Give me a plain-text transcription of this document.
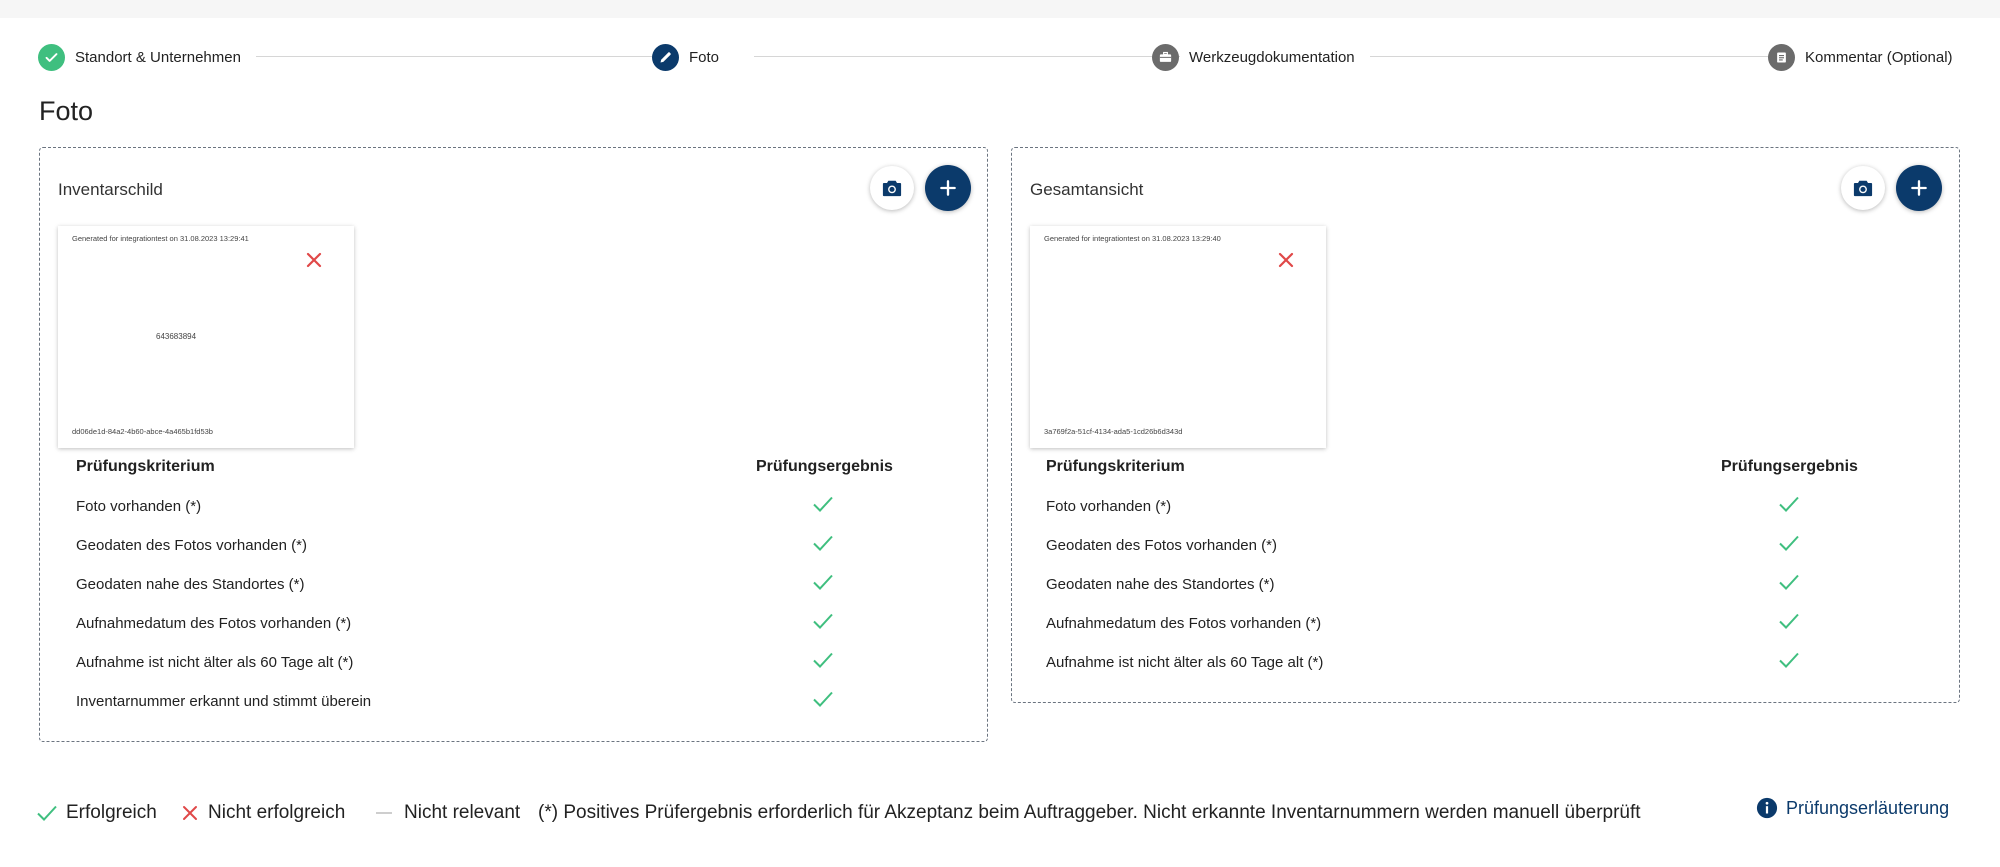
Standort & Unternehmen	Foto	Werkzeugdokumentation	Kommentar (Optional)
Foto
Inventarschild
Generated for integrationtest on 31.08.2023 13:29:41
643683894
dd06de1d-84a2-4b60-abce-4a465b1fd53b
Prüfungskriterium	Prüfungsergebnis
Foto vorhanden (*)
Geodaten des Fotos vorhanden (*)
Geodaten nahe des Standortes (*)
Aufnahmedatum des Fotos vorhanden (*)
Aufnahme ist nicht älter als 60 Tage alt (*)
Inventarnummer erkannt und stimmt überein
Gesamtansicht
Generated for integrationtest on 31.08.2023 13:29:40
3a769f2a-51cf-4134-ada5-1cd26b6d343d
Prüfungskriterium	Prüfungsergebnis
Foto vorhanden (*)
Geodaten des Fotos vorhanden (*)
Geodaten nahe des Standortes (*)
Aufnahmedatum des Fotos vorhanden (*)
Aufnahme ist nicht älter als 60 Tage alt (*)
Erfolgreich	Nicht erfolgreich	Nicht relevant (*) Positives Prüfergebnis erforderlich für Akzeptanz beim Auftraggeber. Nicht erkannte Inventarnummern werden manuell überprüft	Prüfungserläuterung
